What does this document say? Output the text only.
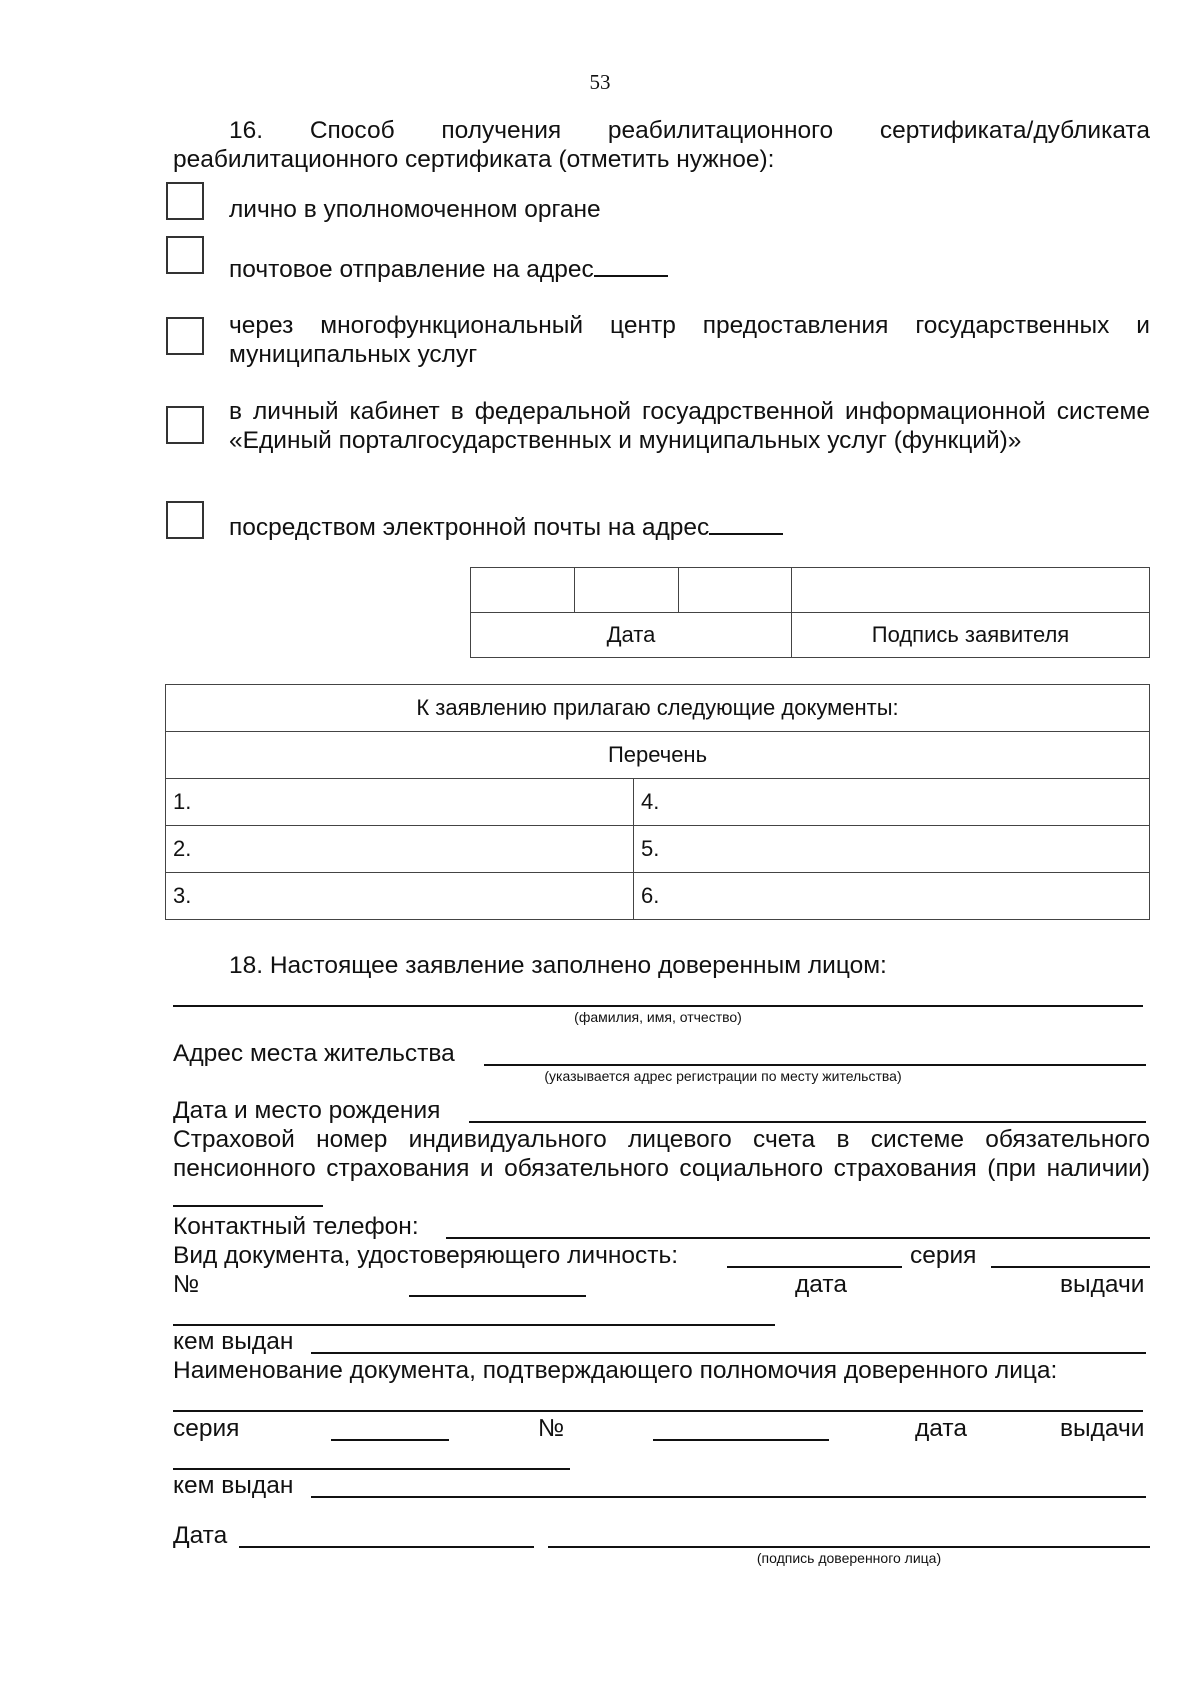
53
16. Способ получения реабилитационного сертификата/дубликата
реабилитационного сертификата (отметить нужное):
лично в уполномоченном органе
почтовое отправление на адрес
через многофункциональный центр предоставления государственных и муниципальных услуг
в личный кабинет в федеральной госуадрственной информационной системе «Единый порталгосударственных и муниципальных услуг (функций)»
посредством электронной почты на адрес

Дата			Подпись заявителя
К заявлению прилагаю следующие документы:	
Перечень	
1.	4.
2.	5.
3.	6.
18. Настоящее заявление заполнено доверенным лицом:
(фамилия, имя, отчество)
Адрес места жительства
(указывается адрес регистрации по месту жительства)
Дата и место рождения
Страховой номер индивидуального лицевого счета в системе обязательного пенсионного страхования и обязательного социального страхования (при наличии)
Контактный телефон:
Вид документа, удостоверяющего личность:	серия
№	дата	выдачи
кем выдан
Наименование документа, подтверждающего полномочия доверенного лица:
серия	№	дата	выдачи
кем выдан
Дата
(подпись доверенного лица)
